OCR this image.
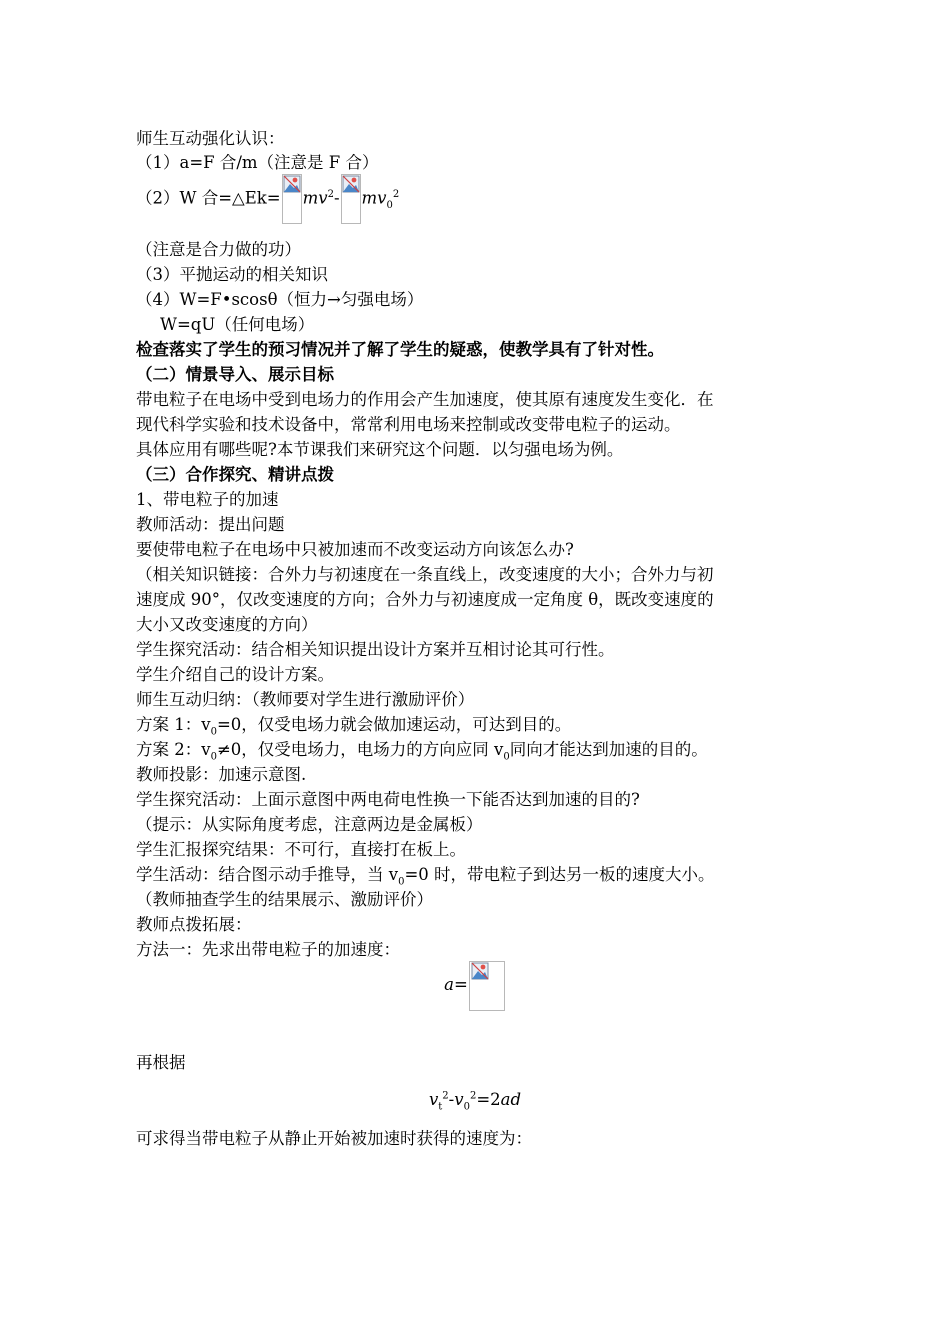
师生互动强化认识：
（1）a=F 合/m（注意是 F 合）
（2）W 合=△Ek= $mv^2-$ $mv_0^2$
（注意是合力做的功）
（3）平抛运动的相关知识
（4）W=F•scosθ（恒力→匀强电场）
W=qU（任何电场）
检查落实了学生的预习情况并了解了学生的疑惑，使教学具有了针对性。
（二）情景导入、展示目标
带电粒子在电场中受到电场力的作用会产生加速度，使其原有速度发生变化．在
现代科学实验和技术设备中，常常利用电场来控制或改变带电粒子的运动。
具体应用有哪些呢?本节课我们来研究这个问题．以匀强电场为例。
（三）合作探究、精讲点拨
1、带电粒子的加速
教师活动：提出问题
要使带电粒子在电场中只被加速而不改变运动方向该怎么办?
（相关知识链接：合外力与初速度在一条直线上，改变速度的大小；合外力与初
速度成 90°，仅改变速度的方向；合外力与初速度成一定角度 θ，既改变速度的
大小又改变速度的方向）
学生探究活动：结合相关知识提出设计方案并互相讨论其可行性。
学生介绍自己的设计方案。
师生互动归纳：（教师要对学生进行激励评价）
方案 1：$v_0=0$，仅受电场力就会做加速运动，可达到目的。
方案 2：$v_0\ne 0$，仅受电场力，电场力的方向应同 $v_0$同向才能达到加速的目的。
教师投影：加速示意图.
学生探究活动：上面示意图中两电荷电性换一下能否达到加速的目的?
（提示：从实际角度考虑，注意两边是金属板）
学生汇报探究结果：不可行，直接打在板上。
学生活动：结合图示动手推导，当 $v_0=0$ 时，带电粒子到达另一板的速度大小。
（教师抽查学生的结果展示、激励评价）
教师点拨拓展：
方法一：先求出带电粒子的加速度：
a=
再根据
$v_t^2-v_0^2=2ad$
可求得当带电粒子从静止开始被加速时获得的速度为：
